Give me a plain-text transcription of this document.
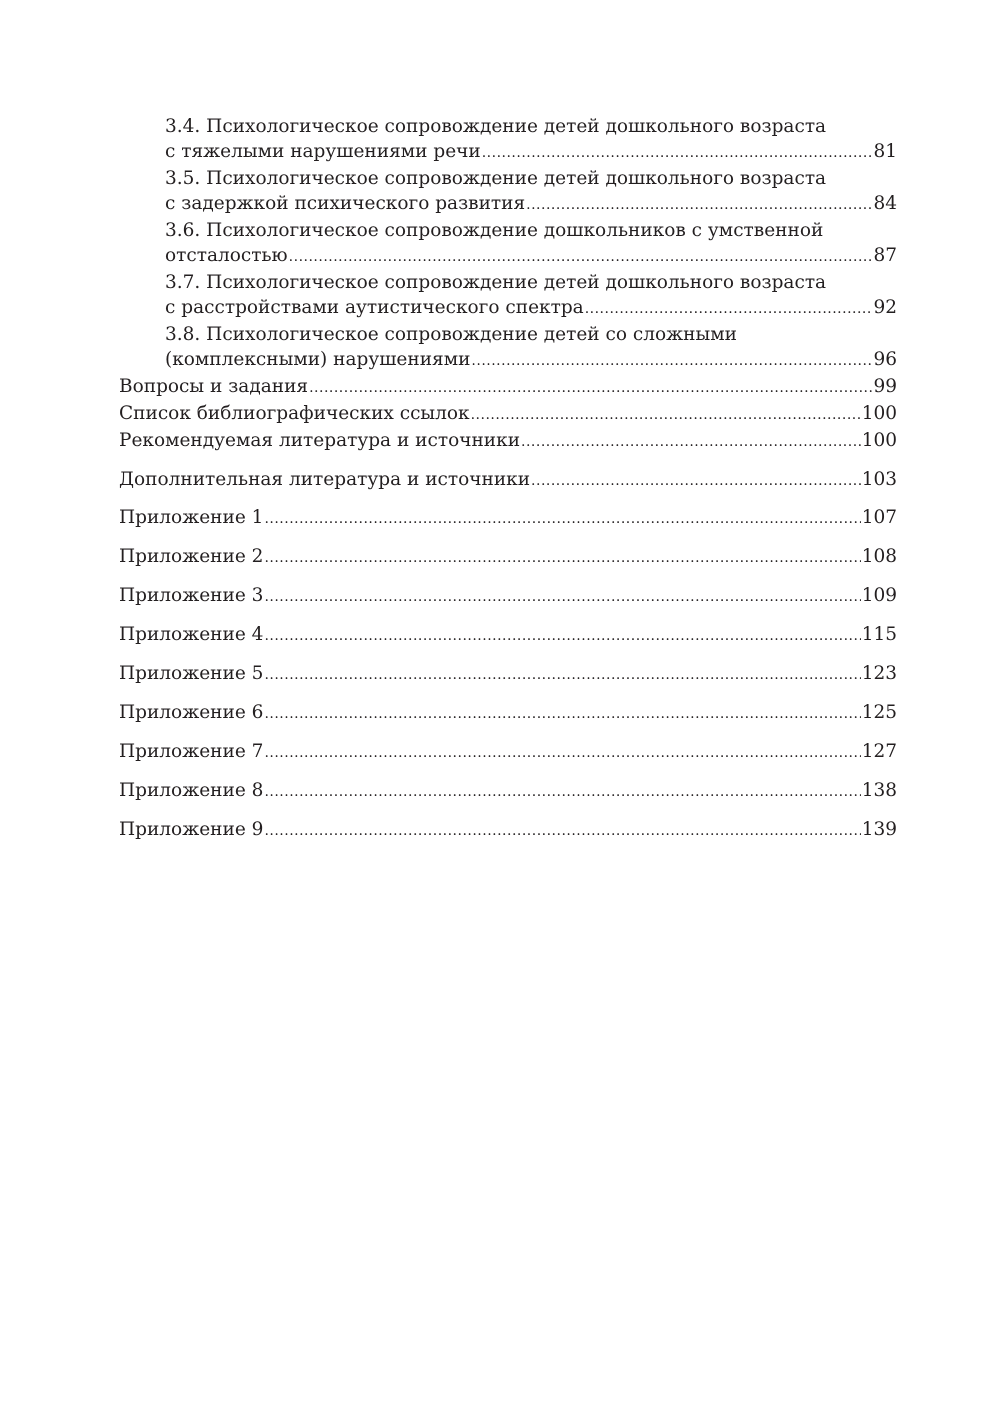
3.4. Психологическое сопровождение детей дошкольного возраста
с тяжелыми нарушениями речи .....	81
3.5. Психологическое сопровождение детей дошкольного возраста
с задержкой психического развития .....	84
3.6. Психологическое сопровождение дошкольников с умственной
отсталостью .....	87
3.7. Психологическое сопровождение детей дошкольного возраста
с расстройствами аутистического спектра .....	92
3.8. Психологическое сопровождение детей со сложными
(комплексными) нарушениями .....	96
Вопросы и задания .....	99
Список библиографических ссылок .....	100
Рекомендуемая литература и источники .....	100
Дополнительная литература и источники .....	103
Приложение 1 .....	107
Приложение 2 .....	108
Приложение 3 .....	109
Приложение 4 .....	115
Приложение 5 .....	123
Приложение 6 .....	125
Приложение 7 .....	127
Приложение 8 .....	138
Приложение 9 .....	139
